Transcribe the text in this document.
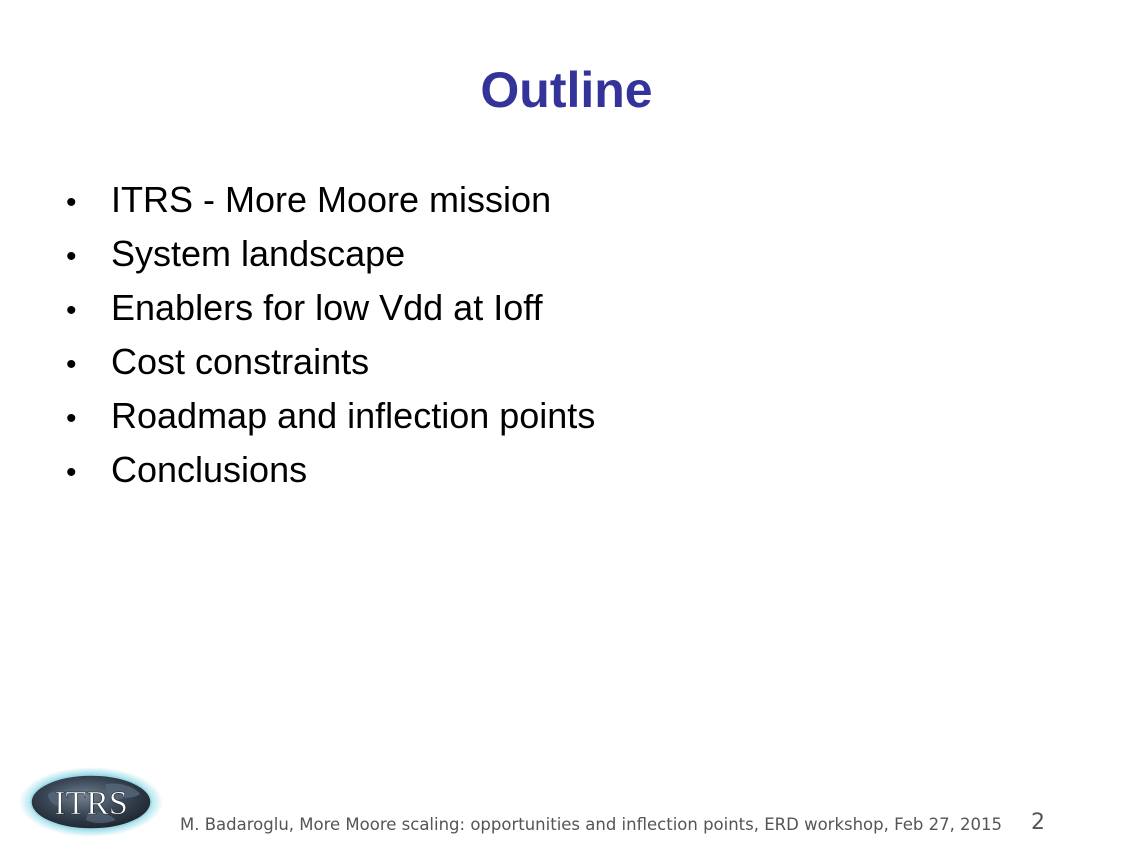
Outline
• ITRS - More Moore mission
• System landscape
• Enablers for low Vdd at Ioff
• Cost constraints
• Roadmap and inflection points
• Conclusions
ITRS
M. Badaroglu, More Moore scaling: opportunities and inflection points, ERD workshop, Feb 27, 2015 2
